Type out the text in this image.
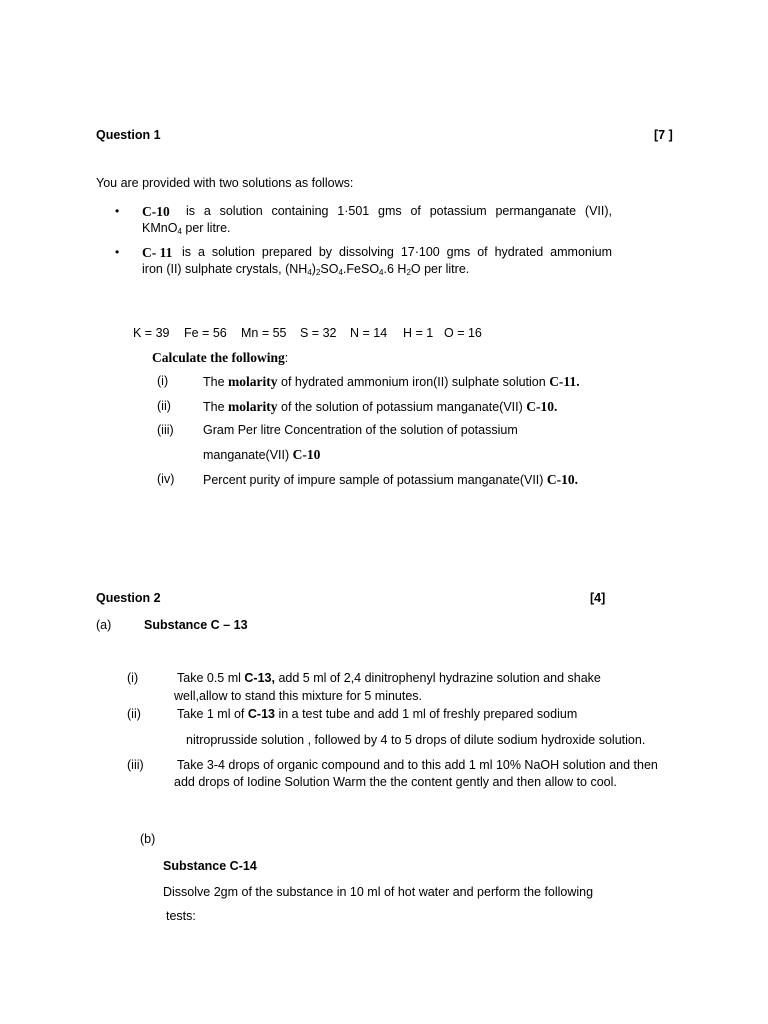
Question 1	[7 ]
You are provided with two solutions as follows:
• C-10 is a solution containing 1·501 gms of potassium permanganate (VII),
KMnO$_4$ per litre.
• C- 11 is a solution prepared by dissolving 17·100 gms of hydrated ammonium
iron (II) sulphate crystals, $(NH_4)_2SO_4.FeSO_4.6$ $H_2O$ per litre.
K = 39 Fe = 56 Mn = 55 S = 32 N = 14 H = 1 O = 16
Calculate the following:
(i)	The molarity of hydrated ammonium iron(II) sulphate solution C-11.
(ii)	The molarity of the solution of potassium manganate(VII) C-10.
(iii) Gram Per litre Concentration of the solution of potassium
manganate(VII) C-10
(iv) Percent purity of impure sample of potassium manganate(VII) C-10.
Question 2	[4]
(a)	Substance C – 13
(i)	Take 0.5 ml C-13, add 5 ml of 2,4 dinitrophenyl hydrazine solution and shake
well,allow to stand this mixture for 5 minutes.
(ii)	Take 1 ml of C-13 in a test tube and add 1 ml of freshly prepared sodium
nitroprusside solution , followed by 4 to 5 drops of dilute sodium hydroxide solution.
(iii)	Take 3-4 drops of organic compound and to this add 1 ml 10% NaOH solution and then
add drops of Iodine Solution Warm the the content gently and then allow to cool.
(b)
Substance C-14
Dissolve 2gm of the substance in 10 ml of hot water and perform the following
tests:
